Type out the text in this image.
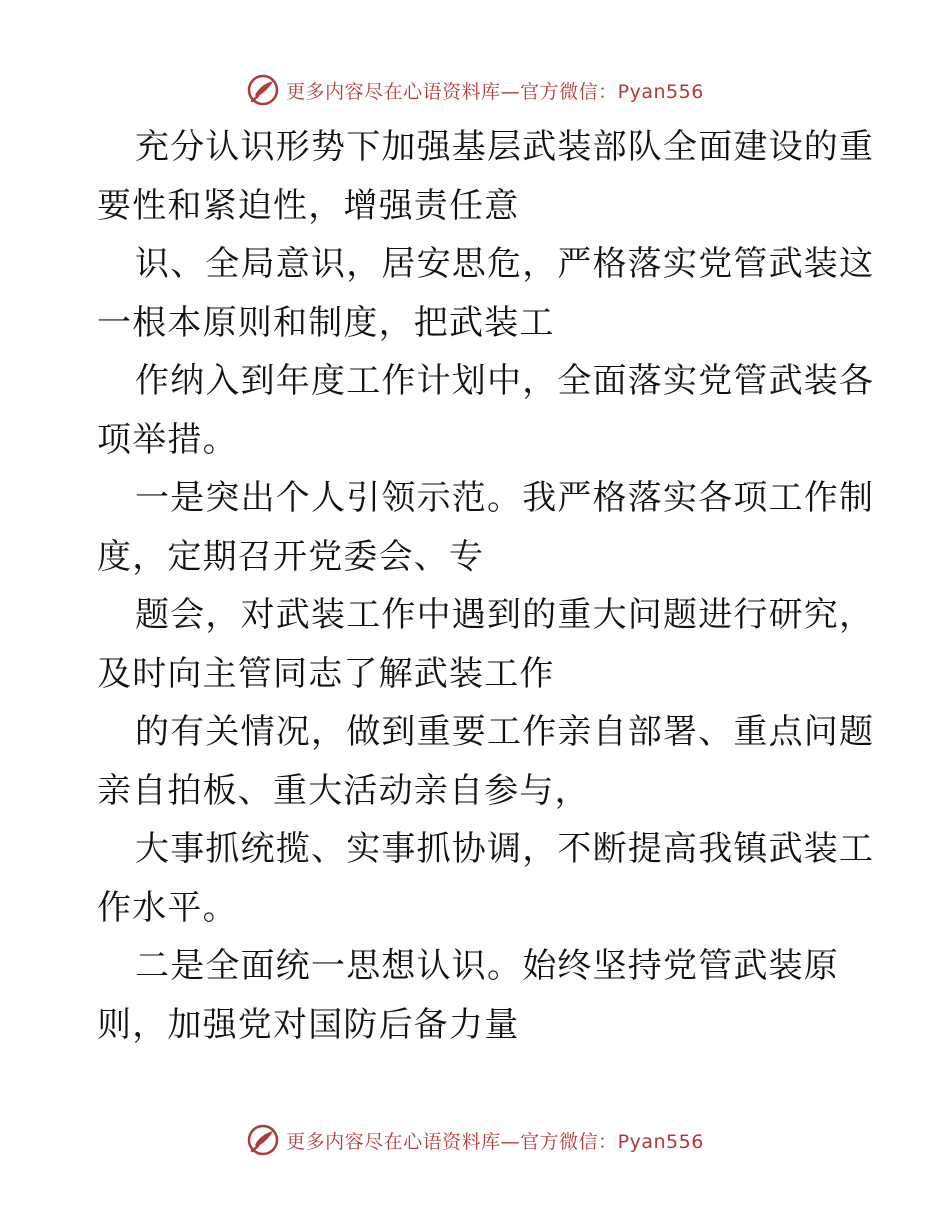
更多内容尽在心语资料库—官方微信：Pyan556
充分认识形势下加强基层武装部队全面建设的重
要性和紧迫性，增强责任意
识、全局意识，居安思危，严格落实党管武装这
一根本原则和制度，把武装工
作纳入到年度工作计划中，全面落实党管武装各
项举措。
一是突出个人引领示范。我严格落实各项工作制
度，定期召开党委会、专
题会，对武装工作中遇到的重大问题进行研究，
及时向主管同志了解武装工作
的有关情况，做到重要工作亲自部署、重点问题
亲自拍板、重大活动亲自参与，
大事抓统揽、实事抓协调，不断提高我镇武装工
作水平。
二是全面统一思想认识。始终坚持党管武装原
则，加强党对国防后备力量
更多内容尽在心语资料库—官方微信：Pyan556
